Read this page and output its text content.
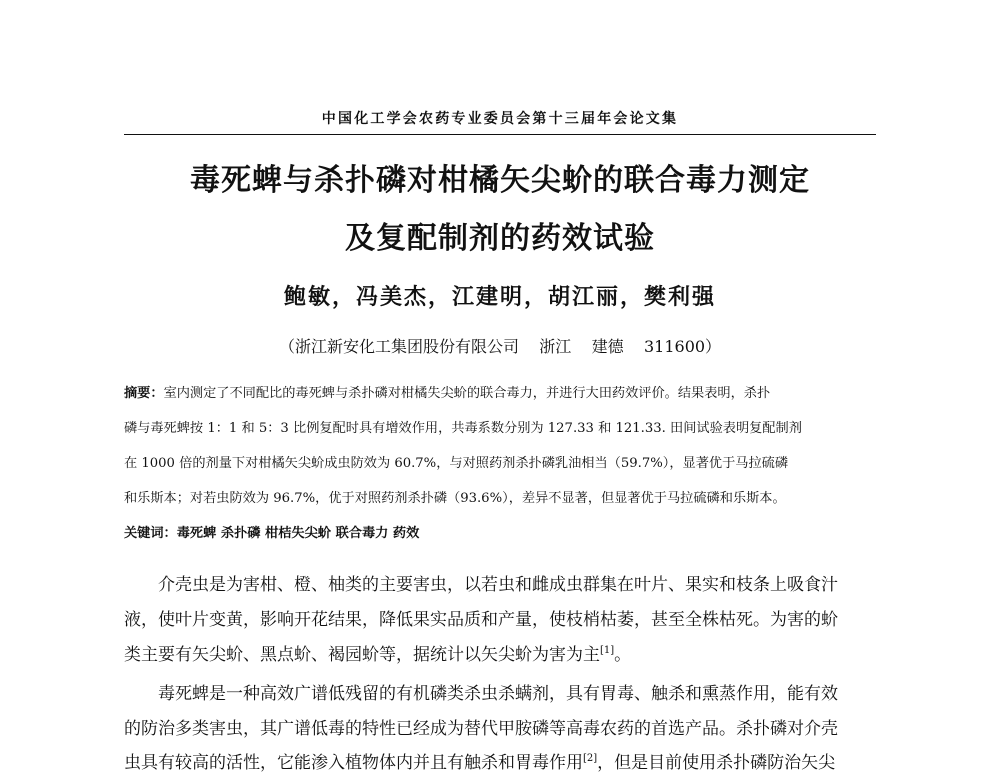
中国化工学会农药专业委员会第十三届年会论文集
毒死蜱与杀扑磷对柑橘矢尖蚧的联合毒力测定
及复配制剂的药效试验
鲍敏，冯美杰，江建明，胡江丽，樊利强
（浙江新安化工集团股份有限公司    浙江    建德    311600）
摘要：室内测定了不同配比的毒死蜱与杀扑磷对柑橘失尖蚧的联合毒力，并进行大田药效评价。结果表明，杀扑
磷与毒死蜱按 1：1 和 5：3 比例复配时具有增效作用，共毒系数分别为 127.33 和 121.33. 田间试验表明复配制剂
在 1000 倍的剂量下对柑橘矢尖蚧成虫防效为 60.7%，与对照药剂杀扑磷乳油相当（59.7%），显著优于马拉硫磷
和乐斯本；对若虫防效为 96.7%，优于对照药剂杀扑磷（93.6%），差异不显著，但显著优于马拉硫磷和乐斯本。
关键词：毒死蜱 杀扑磷 柑桔失尖蚧 联合毒力 药效
介壳虫是为害柑、橙、柚类的主要害虫，以若虫和雌成虫群集在叶片、果实和枝条上吸食汁
液，使叶片变黄，影响开花结果，降低果实品质和产量，使枝梢枯萎，甚至全株枯死。为害的蚧
类主要有矢尖蚧、黑点蚧、褐园蚧等，据统计以矢尖蚧为害为主[1]。
毒死蜱是一种高效广谱低残留的有机磷类杀虫杀螨剂，具有胃毒、触杀和熏蒸作用，能有效
的防治多类害虫，其广谱低毒的特性已经成为替代甲胺磷等高毒农药的首选产品。杀扑磷对介壳
虫具有较高的活性，它能渗入植物体内并且有触杀和胃毒作用[2]，但是目前使用杀扑磷防治矢尖
